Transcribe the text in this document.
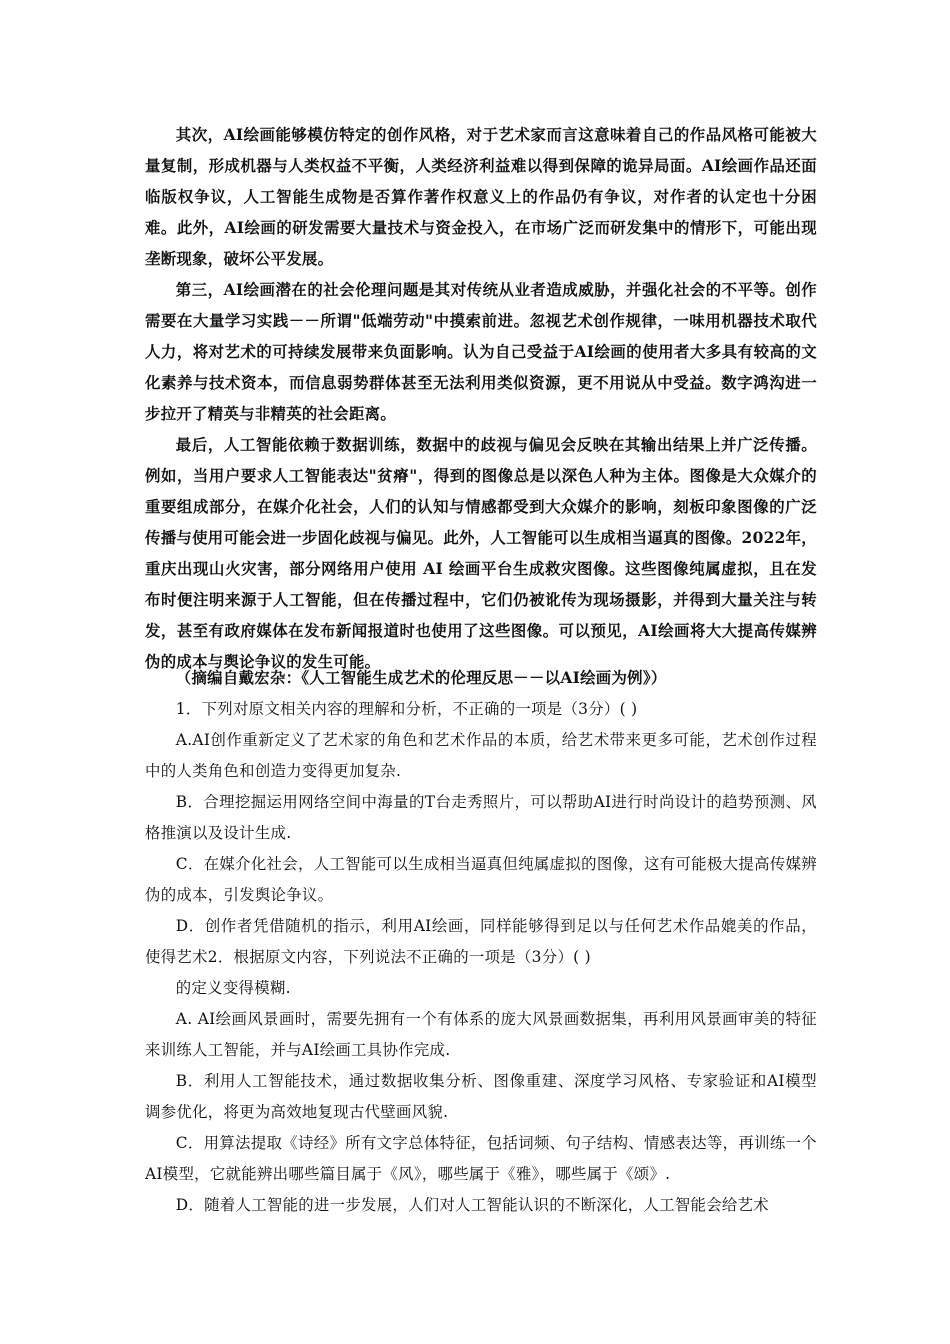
其次，AI绘画能够模仿特定的创作风格，对于艺术家而言这意味着自己的作品风格可能被大量复制，形成机器与人类权益不平衡，人类经济利益难以得到保障的诡异局面。AI绘画作品还面临版权争议，人工智能生成物是否算作著作权意义上的作品仍有争议，对作者的认定也十分困难。此外，AI绘画的研发需要大量技术与资金投入，在市场广泛而研发集中的情形下，可能出现垄断现象，破坏公平发展。

第三，AI绘画潜在的社会伦理问题是其对传统从业者造成威胁，并强化社会的不平等。创作需要在大量学习实践－－所谓"低端劳动"中摸索前进。忽视艺术创作规律，一味用机器技术取代人力，将对艺术的可持续发展带来负面影响。认为自己受益于AI绘画的使用者大多具有较高的文化素养与技术资本，而信息弱势群体甚至无法利用类似资源，更不用说从中受益。数字鸿沟进一步拉开了精英与非精英的社会距离。

最后，人工智能依赖于数据训练，数据中的歧视与偏见会反映在其输出结果上并广泛传播。例如，当用户要求人工智能表达"贫瘠"，得到的图像总是以深色人种为主体。图像是大众媒介的重要组成部分，在媒介化社会，人们的认知与情感都受到大众媒介的影响，刻板印象图像的广泛传播与使用可能会进一步固化歧视与偏见。此外，人工智能可以生成相当逼真的图像。2022年，重庆出现山火灾害，部分网络用户使用 AI 绘画平台生成救灾图像。这些图像纯属虚拟，且在发布时便注明来源于人工智能，但在传播过程中，它们仍被讹传为现场摄影，并得到大量关注与转发，甚至有政府媒体在发布新闻报道时也使用了这些图像。可以预见，AI绘画将大大提高传媒辨伪的成本与舆论争议的发生可能。

（摘编自戴宏杂：《人工智能生成艺术的伦理反思－－以AI绘画为例》）

1．下列对原文相关内容的理解和分析，不正确的一项是（3分）( )

A.AI创作重新定义了艺术家的角色和艺术作品的本质，给艺术带来更多可能，艺术创作过程中的人类角色和创造力变得更加复杂.

B．合理挖掘运用网络空间中海量的T台走秀照片，可以帮助AI进行时尚设计的趋势预测、风格推演以及设计生成.

C．在媒介化社会，人工智能可以生成相当逼真但纯属虚拟的图像，这有可能极大提高传媒辨伪的成本，引发舆论争议。

D．创作者凭借随机的指示，利用AI绘画，同样能够得到足以与任何艺术作品媲美的作品，使得艺术2．根据原文内容，下列说法不正确的一项是（3分）( )

的定义变得模糊.

A. AI绘画风景画时，需要先拥有一个有体系的庞大风景画数据集，再利用风景画审美的特征来训练人工智能，并与AI绘画工具协作完成.

B．利用人工智能技术，通过数据收集分析、图像重建、深度学习风格、专家验证和AI模型调参优化，将更为高效地复现古代壁画风貌.

C．用算法提取《诗经》所有文字总体特征，包括词频、句子结构、情感表达等，再训练一个AI模型，它就能辨出哪些篇目属于《风》，哪些属于《雅》，哪些属于《颂》.

D．随着人工智能的进一步发展，人们对人工智能认识的不断深化，人工智能会给艺术
